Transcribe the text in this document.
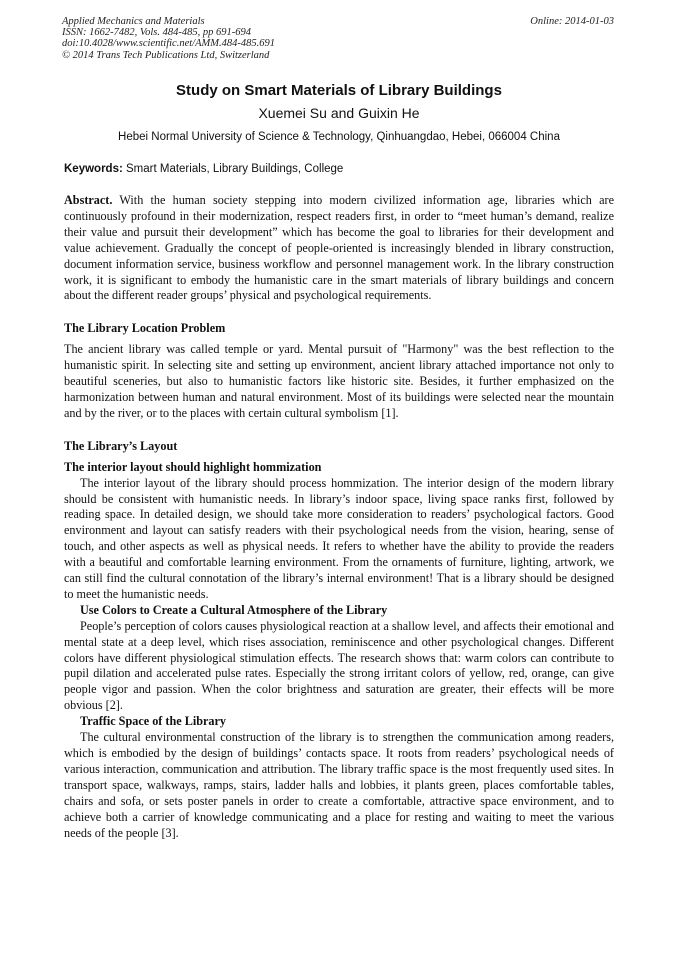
Applied Mechanics and Materials
ISSN: 1662-7482, Vols. 484-485, pp 691-694
doi:10.4028/www.scientific.net/AMM.484-485.691
© 2014 Trans Tech Publications Ltd, Switzerland
Online: 2014-01-03
Study on Smart Materials of Library Buildings
Xuemei Su and Guixin He
Hebei Normal University of Science & Technology, Qinhuangdao, Hebei, 066004 China
Keywords: Smart Materials, Library Buildings, College

Abstract. With the human society stepping into modern civilized information age, libraries which are continuously profound in their modernization, respect readers first, in order to “meet human’s demand, realize their value and pursuit their development” which has become the goal to libraries for their development and value achievement. Gradually the concept of people-oriented is increasingly blended in library construction, document information service, business workflow and personnel management work. In the library construction work, it is significant to embody the humanistic care in the smart materials of library buildings and concern about the different reader groups’ physical and psychological requirements.

The Library Location Problem

The ancient library was called temple or yard. Mental pursuit of "Harmony" was the best reflection to the humanistic spirit. In selecting site and setting up environment, ancient library attached importance not only to beautiful sceneries, but also to humanistic factors like historic site. Besides, it further emphasized on the harmonization between human and natural environment. Most of its buildings were selected near the mountain and by the river, or to the places with certain cultural symbolism [1].

The Library’s Layout
The interior layout should highlight hommization

The interior layout of the library should process hommization. The interior design of the modern library should be consistent with humanistic needs. In library’s indoor space, living space ranks first, followed by reading space. In detailed design, we should take more consideration to readers’ psychological factors. Good environment and layout can satisfy readers with their psychological needs from the vision, hearing, sense of touch, and other aspects as well as physical needs. It refers to whether have the ability to provide the readers with a beautiful and comfortable learning environment. From the ornaments of furniture, lighting, artwork, we can still find the cultural connotation of the library’s internal environment! That is a library should be designed to meet the humanistic needs.

Use Colors to Create a Cultural Atmosphere of the Library

People’s perception of colors causes physiological reaction at a shallow level, and affects their emotional and mental state at a deep level, which rises association, reminiscence and other psychological changes. Different colors have different physiological stimulation effects. The research shows that: warm colors can contribute to pupil dilation and accelerated pulse rates. Especially the strong irritant colors of yellow, red, orange, can give people vigor and passion. When the color brightness and saturation are greater, their effects will be more obvious [2].

Traffic Space of the Library

The cultural environmental construction of the library is to strengthen the communication among readers, which is embodied by the design of buildings’ contacts space. It roots from readers’ psychological needs of various interaction, communication and attribution. The library traffic space is the most frequently used sites. In transport space, walkways, ramps, stairs, ladder halls and lobbies, it plants green, places comfortable tables, chairs and sofa, or sets poster panels in order to create a comfortable, attractive space environment, and to achieve both a carrier of knowledge communicating and a place for resting and waiting to meet the various needs of the people [3].
